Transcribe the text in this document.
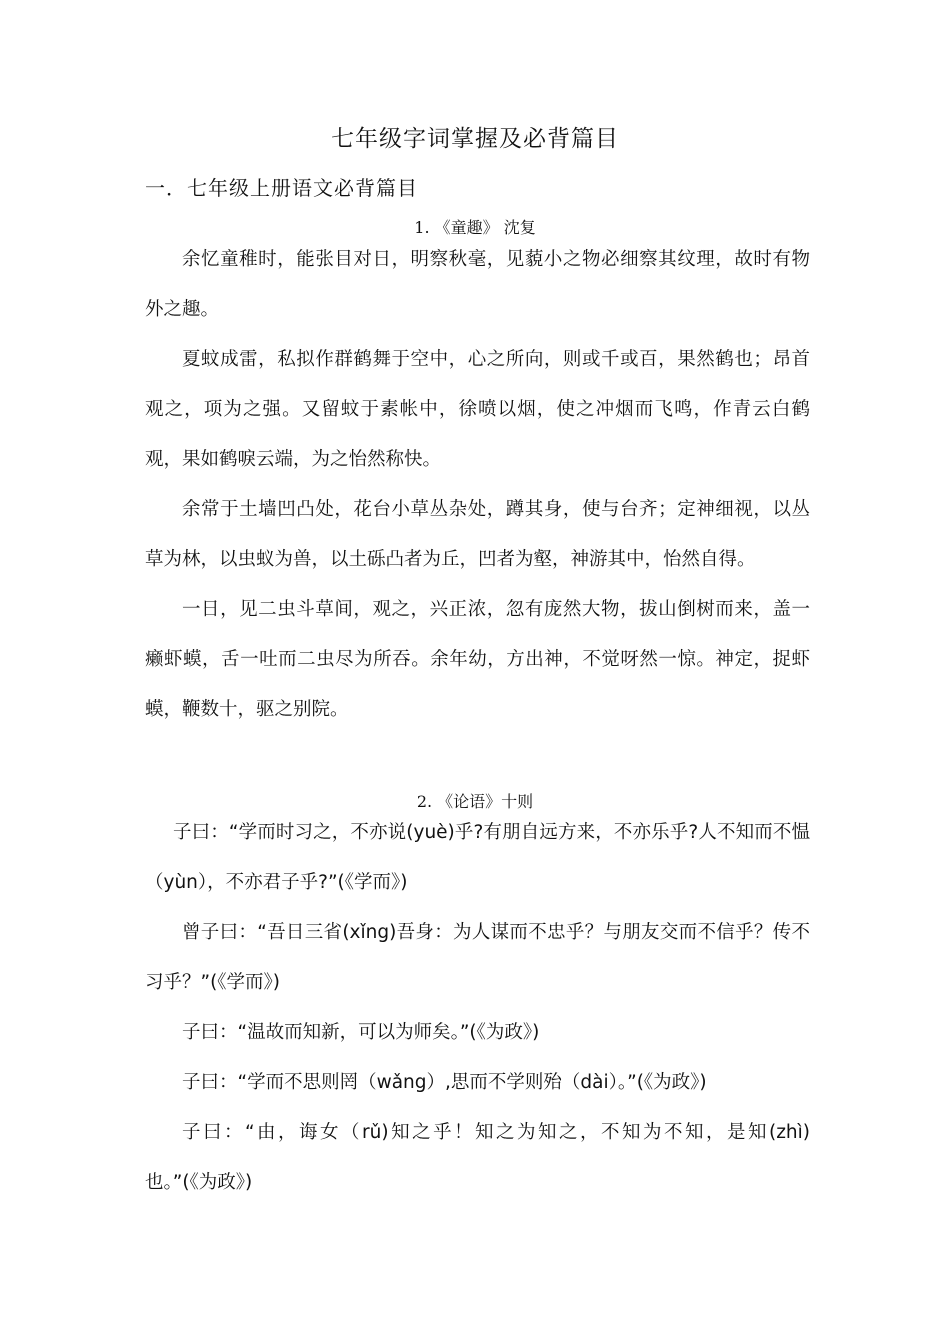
七年级字词掌握及必背篇目
一．七年级上册语文必背篇目
1. 《童趣》 沈复

余忆童稚时，能张目对日，明察秋毫，见藐小之物必细察其纹理，故时有物外之趣。

夏蚊成雷，私拟作群鹤舞于空中，心之所向，则或千或百，果然鹤也；昂首观之，项为之强。又留蚊于素帐中，徐喷以烟，使之冲烟而飞鸣，作青云白鹤观，果如鹤唳云端，为之怡然称快。

余常于土墙凹凸处，花台小草丛杂处，蹲其身，使与台齐；定神细视，以丛草为林，以虫蚁为兽，以土砾凸者为丘，凹者为壑，神游其中，怡然自得。

一日，见二虫斗草间，观之，兴正浓，忽有庞然大物，拔山倒树而来，盖一癞虾蟆，舌一吐而二虫尽为所吞。余年幼，方出神，不觉呀然一惊。神定，捉虾蟆，鞭数十，驱之别院。

2. 《论语》十则

子曰：“学而时习之，不亦说(yuè)乎?有朋自远方来，不亦乐乎?人不知而不愠（yùn），不亦君子乎?”(《学而》)

曾子曰：“吾日三省(xǐng)吾身：为人谋而不忠乎？与朋友交而不信乎？传不习乎？”(《学而》)

子曰：“温故而知新，可以为师矣。”(《为政》)

子曰：“学而不思则罔（wǎng）,思而不学则殆（dài）。”(《为政》)

子曰：“由，诲女（rǔ)知之乎！知之为知之，不知为不知，是知(zhì)也。”(《为政》)
